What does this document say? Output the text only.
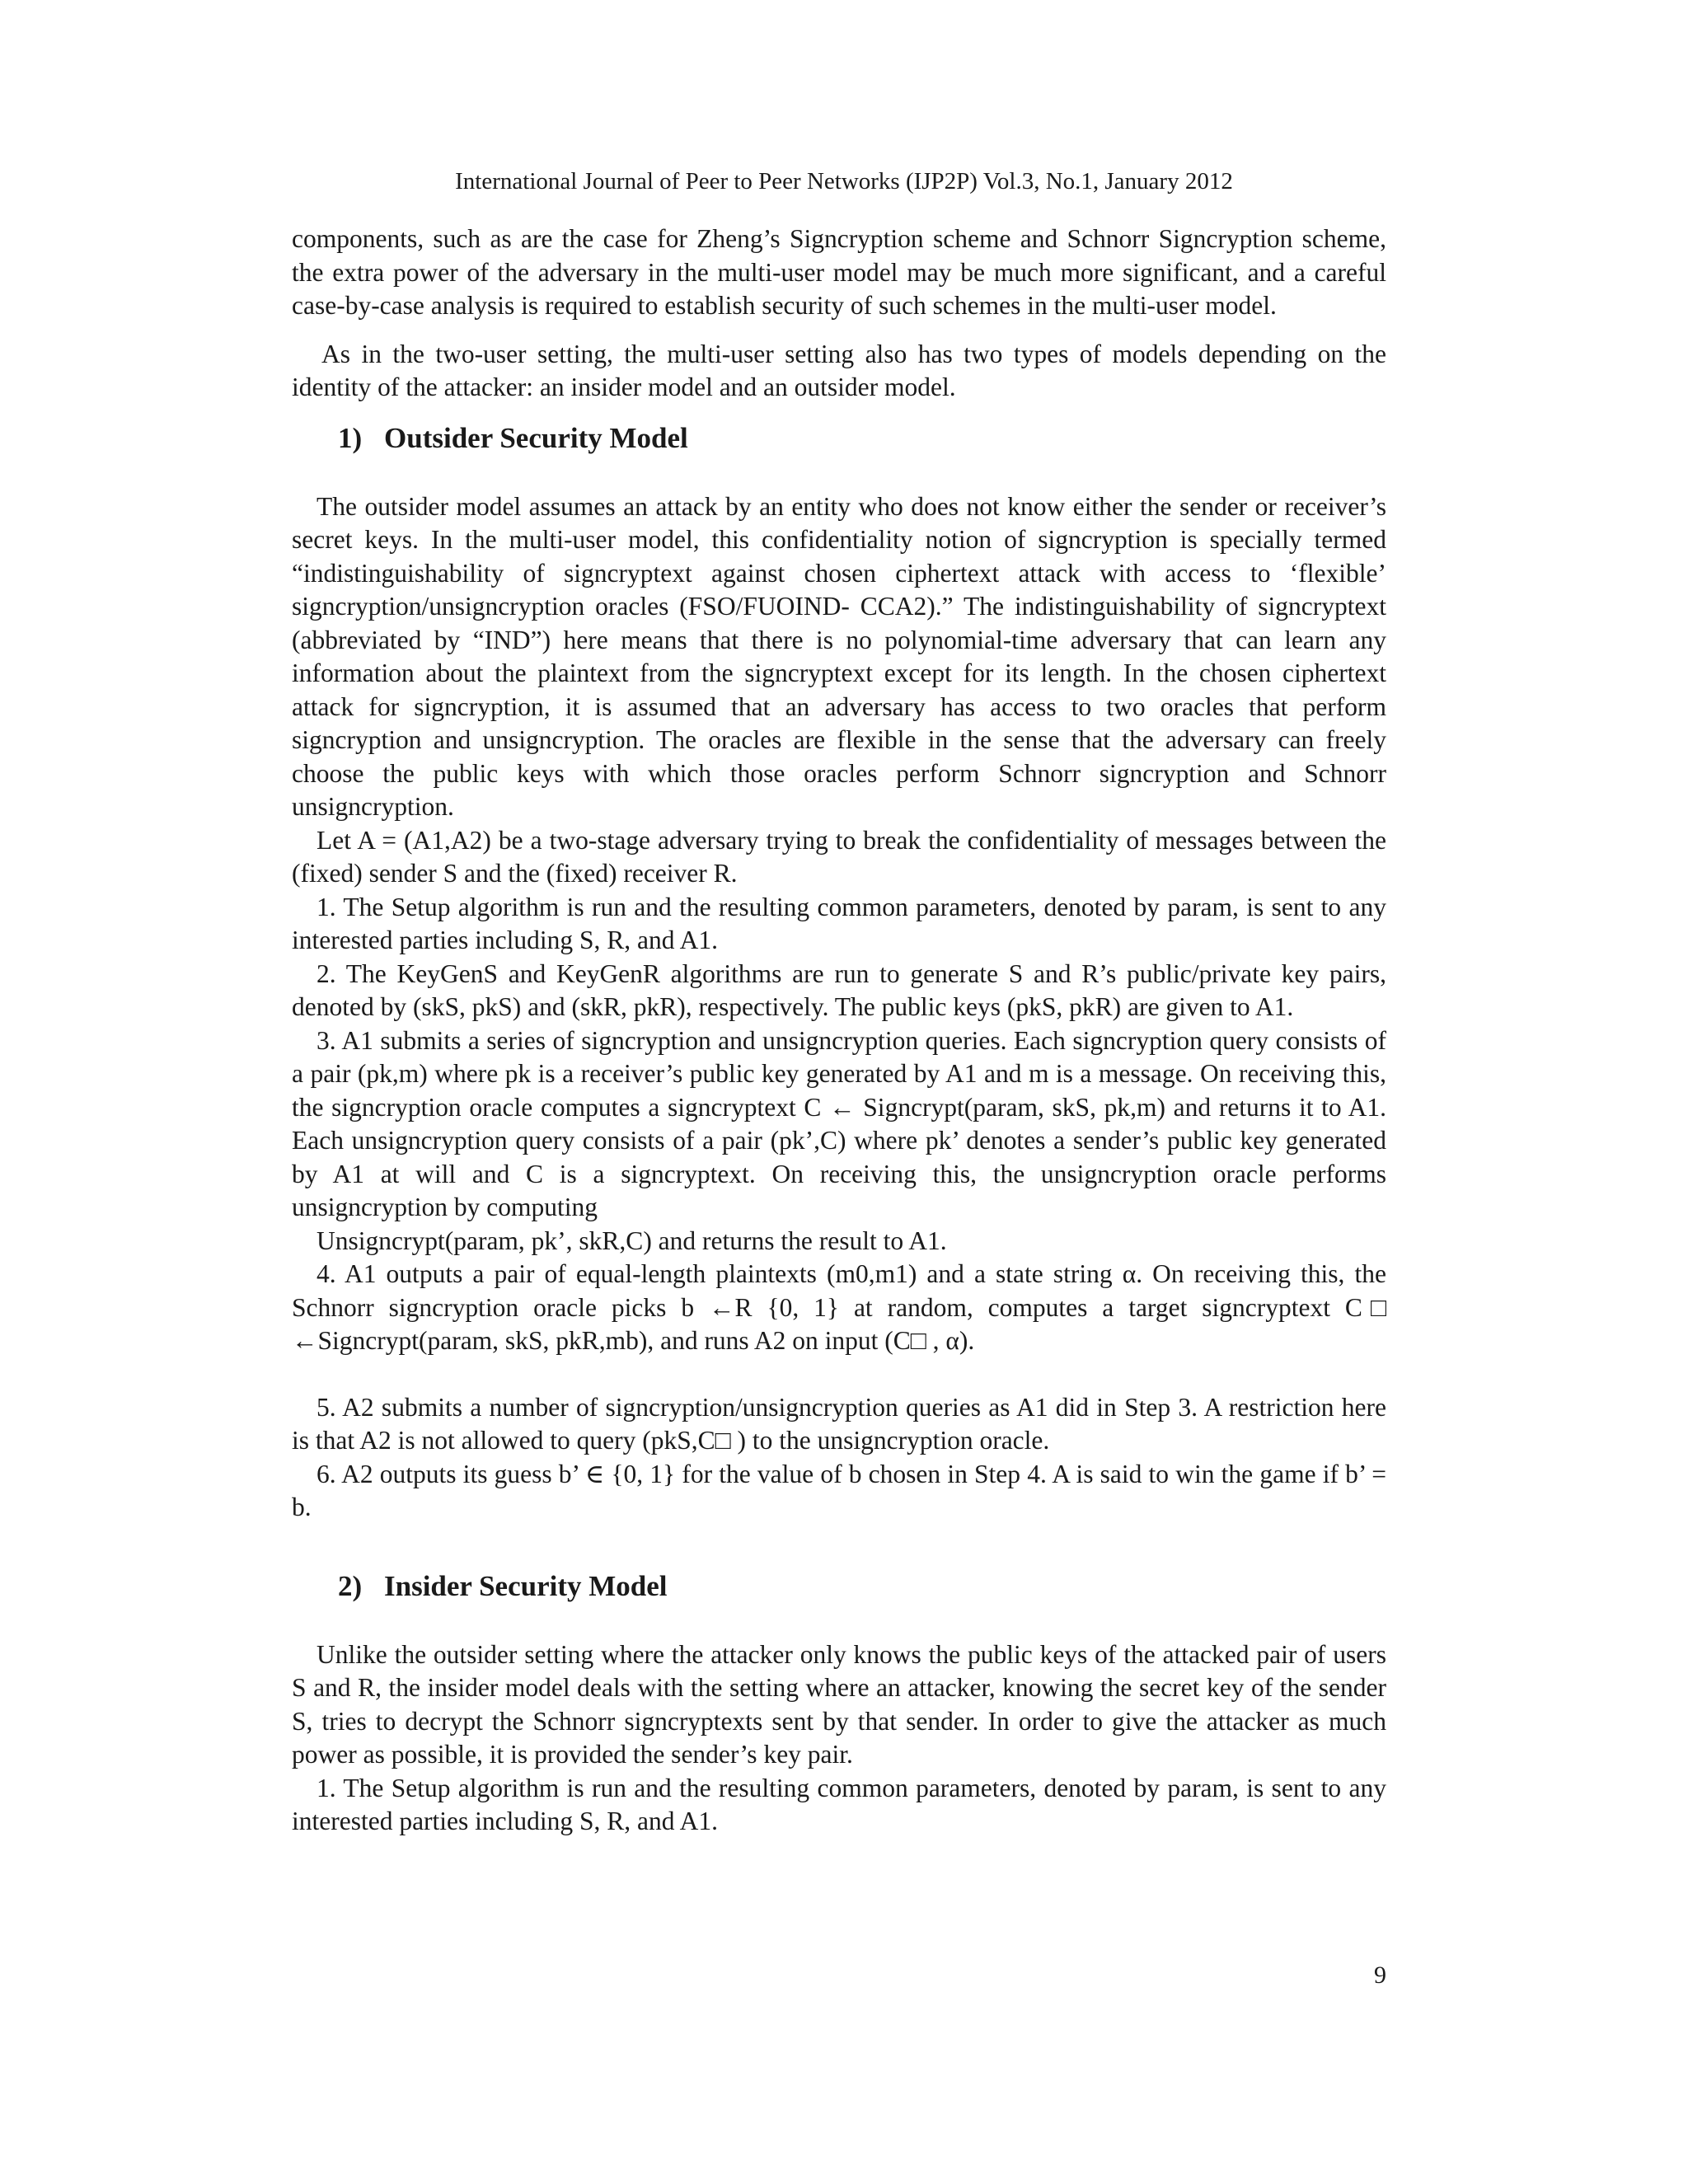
International Journal of Peer to Peer Networks (IJP2P) Vol.3, No.1, January 2012

components, such as are the case for Zheng’s Signcryption scheme and Schnorr Signcryption scheme, the extra power of the adversary in the multi-user model may be much more significant, and a careful case-by-case analysis is required to establish security of such schemes in the multi-user model.

As in the two-user setting, the multi-user setting also has two types of models depending on the identity of the attacker: an insider model and an outsider model.

1) Outsider Security Model

The outsider model assumes an attack by an entity who does not know either the sender or receiver’s secret keys. In the multi-user model, this confidentiality notion of signcryption is specially termed “indistinguishability of signcryptext against chosen ciphertext attack with access to ‘flexible’ signcryption/unsigncryption oracles (FSO/FUOIND- CCA2).” The indistinguishability of signcryptext (abbreviated by “IND”) here means that there is no polynomial-time adversary that can learn any information about the plaintext from the signcryptext except for its length. In the chosen ciphertext attack for signcryption, it is assumed that an adversary has access to two oracles that perform signcryption and unsigncryption. The oracles are flexible in the sense that the adversary can freely choose the public keys with which those oracles perform Schnorr signcryption and Schnorr unsigncryption.

Let A = (A1,A2) be a two-stage adversary trying to break the confidentiality of messages between the (fixed) sender S and the (fixed) receiver R.

1. The Setup algorithm is run and the resulting common parameters, denoted by param, is sent to any interested parties including S, R, and A1.

2. The KeyGenS and KeyGenR algorithms are run to generate S and R’s public/private key pairs, denoted by (skS, pkS) and (skR, pkR), respectively. The public keys (pkS, pkR) are given to A1.

3. A1 submits a series of signcryption and unsigncryption queries. Each signcryption query consists of a pair (pk,m) where pk is a receiver’s public key generated by A1 and m is a message. On receiving this, the signcryption oracle computes a signcryptext C ← Signcrypt(param, skS, pk,m) and returns it to A1. Each unsigncryption query consists of a pair (pk’,C) where pk’ denotes a sender’s public key generated by A1 at will and C is a signcryptext. On receiving this, the unsigncryption oracle performs unsigncryption by computing

Unsigncrypt(param, pk’, skR,C) and returns the result to A1.

4. A1 outputs a pair of equal-length plaintexts (m0,m1) and a state string α. On receiving this, the Schnorr signcryption oracle picks b ←R {0, 1} at random, computes a target signcryptext C□ ←Signcrypt(param, skS, pkR,mb), and runs A2 on input (C□ , α).

5. A2 submits a number of signcryption/unsigncryption queries as A1 did in Step 3. A restriction here is that A2 is not allowed to query (pkS,C□ ) to the unsigncryption oracle.

6. A2 outputs its guess b’ ∈ {0, 1} for the value of b chosen in Step 4. A is said to win the game if b’ = b.

2) Insider Security Model

Unlike the outsider setting where the attacker only knows the public keys of the attacked pair of users S and R, the insider model deals with the setting where an attacker, knowing the secret key of the sender S, tries to decrypt the Schnorr signcryptexts sent by that sender. In order to give the attacker as much power as possible, it is provided the sender’s key pair.

1. The Setup algorithm is run and the resulting common parameters, denoted by param, is sent to any interested parties including S, R, and A1.

9
